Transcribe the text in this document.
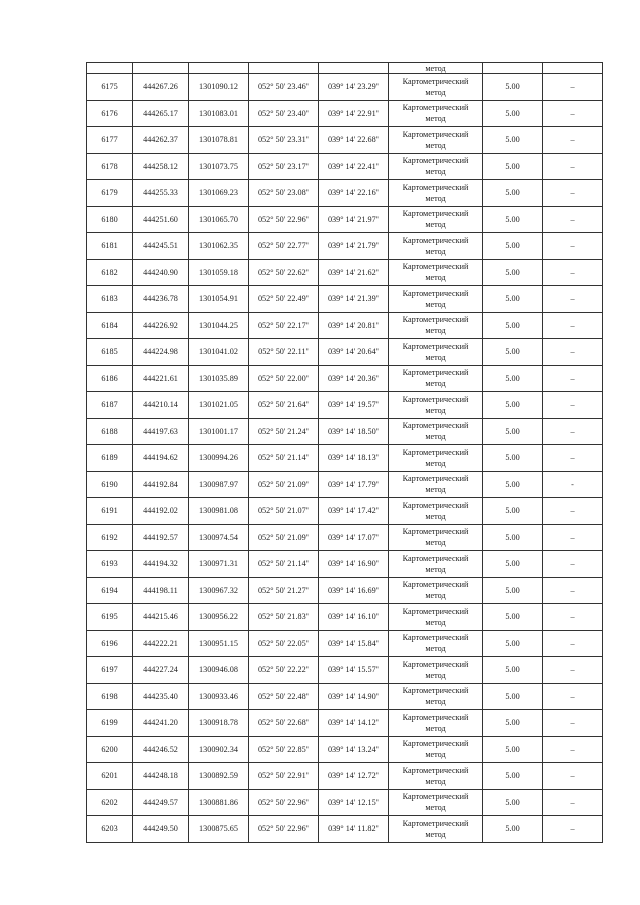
					метод		
6175	444267.26	1301090.12	052° 50' 23.46"	039° 14' 23.29"	Картометрический
метод	5.00	–
6176	444265.17	1301083.01	052° 50' 23.40"	039° 14' 22.91"	Картометрический
метод	5.00	–
6177	444262.37	1301078.81	052° 50' 23.31"	039° 14' 22.68"	Картометрический
метод	5.00	–
6178	444258.12	1301073.75	052° 50' 23.17"	039° 14' 22.41"	Картометрический
метод	5.00	–
6179	444255.33	1301069.23	052° 50' 23.08"	039° 14' 22.16"	Картометрический
метод	5.00	–
6180	444251.60	1301065.70	052° 50' 22.96"	039° 14' 21.97"	Картометрический
метод	5.00	–
6181	444245.51	1301062.35	052° 50' 22.77"	039° 14' 21.79"	Картометрический
метод	5.00	–
6182	444240.90	1301059.18	052° 50' 22.62"	039° 14' 21.62"	Картометрический
метод	5.00	–
6183	444236.78	1301054.91	052° 50' 22.49"	039° 14' 21.39"	Картометрический
метод	5.00	–
6184	444226.92	1301044.25	052° 50' 22.17"	039° 14' 20.81"	Картометрический
метод	5.00	–
6185	444224.98	1301041.02	052° 50' 22.11"	039° 14' 20.64"	Картометрический
метод	5.00	–
6186	444221.61	1301035.89	052° 50' 22.00"	039° 14' 20.36"	Картометрический
метод	5.00	–
6187	444210.14	1301021.05	052° 50' 21.64"	039° 14' 19.57"	Картометрический
метод	5.00	–
6188	444197.63	1301001.17	052° 50' 21.24"	039° 14' 18.50"	Картометрический
метод	5.00	–
6189	444194.62	1300994.26	052° 50' 21.14"	039° 14' 18.13"	Картометрический
метод	5.00	–
6190	444192.84	1300987.97	052° 50' 21.09"	039° 14' 17.79"	Картометрический
метод	5.00	-
6191	444192.02	1300981.08	052° 50' 21.07"	039° 14' 17.42"	Картометрический
метод	5.00	–
6192	444192.57	1300974.54	052° 50' 21.09"	039° 14' 17.07"	Картометрический
метод	5.00	–
6193	444194.32	1300971.31	052° 50' 21.14"	039° 14' 16.90"	Картометрический
метод	5.00	–
6194	444198.11	1300967.32	052° 50' 21.27"	039° 14' 16.69"	Картометрический
метод	5.00	–
6195	444215.46	1300956.22	052° 50' 21.83"	039° 14' 16.10"	Картометрический
метод	5.00	–
6196	444222.21	1300951.15	052° 50' 22.05"	039° 14' 15.84"	Картометрический
метод	5.00	–
6197	444227.24	1300946.08	052° 50' 22.22"	039° 14' 15.57"	Картометрический
метод	5.00	–
6198	444235.40	1300933.46	052° 50' 22.48"	039° 14' 14.90"	Картометрический
метод	5.00	–
6199	444241.20	1300918.78	052° 50' 22.68"	039° 14' 14.12"	Картометрический
метод	5.00	–
6200	444246.52	1300902.34	052° 50' 22.85"	039° 14' 13.24"	Картометрический
метод	5.00	–
6201	444248.18	1300892.59	052° 50' 22.91"	039° 14' 12.72"	Картометрический
метод	5.00	–
6202	444249.57	1300881.86	052° 50' 22.96"	039° 14' 12.15"	Картометрический
метод	5.00	–
6203	444249.50	1300875.65	052° 50' 22.96"	039° 14' 11.82"	Картометрический
метод	5.00	–
